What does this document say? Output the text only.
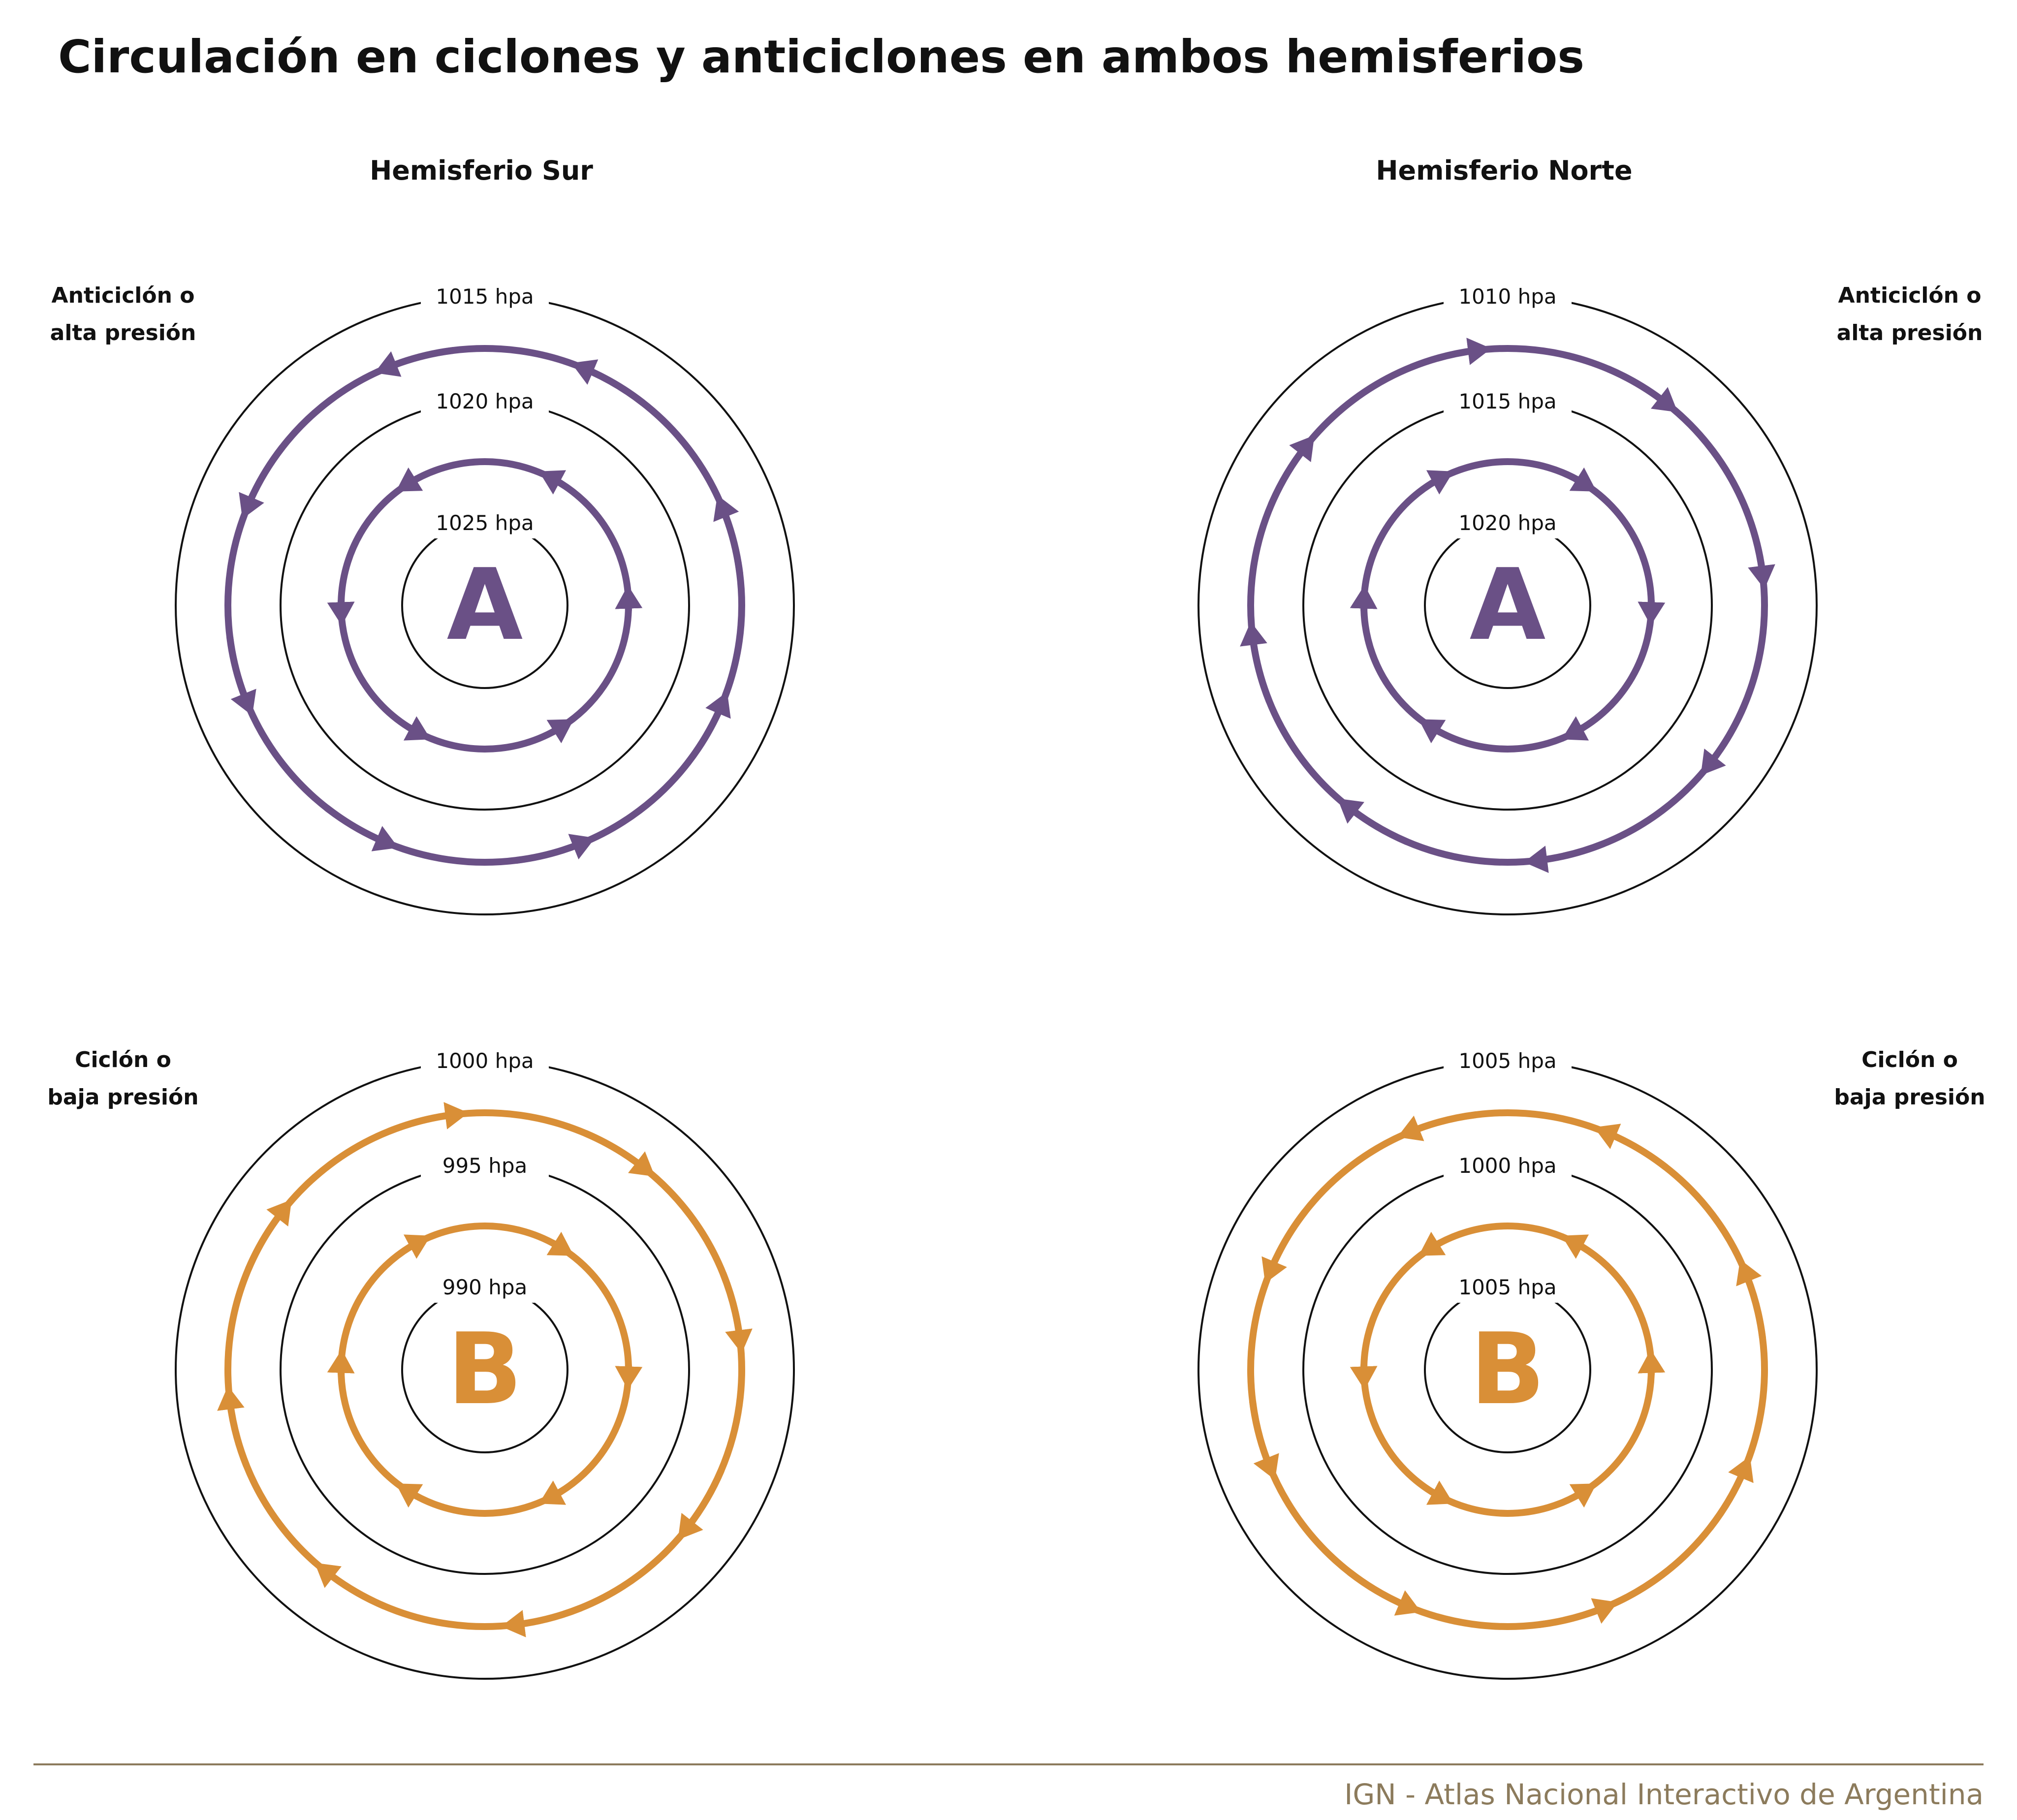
Circulación en ciclones y anticiclones en ambos hemisferios
Hemisferio Sur	Hemisferio Norte
1015 hpa
1020 hpa
1025 hpa
A
Anticiclón o
alta presión
1010 hpa
1015 hpa
1020 hpa
A
Anticiclón o
alta presión
1000 hpa
995 hpa
990 hpa
B
Ciclón o
baja presión
1005 hpa
1000 hpa
1005 hpa
B
Ciclón o
baja presión
IGN - Atlas Nacional Interactivo de Argentina
